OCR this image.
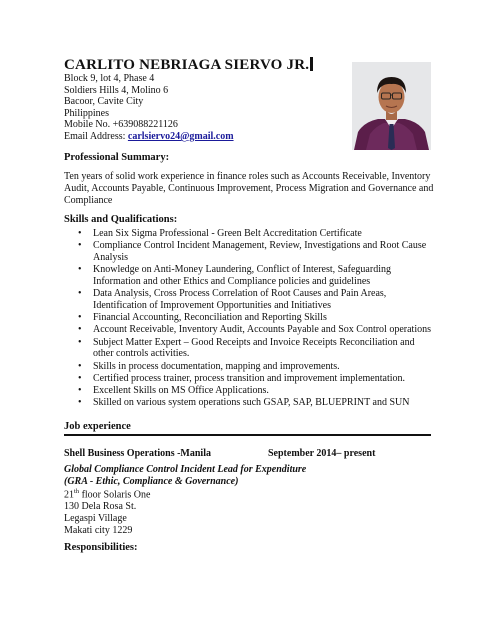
CARLITO NEBRIAGA SIERVO JR.
Block 9, lot 4, Phase 4
Soldiers Hills 4, Molino 6
Bacoor, Cavite City
Philippines
Mobile No. +639088221126
Email Address: carlsiervo24@gmail.com
Professional Summary:
Ten years of solid work experience in finance roles such as Accounts Receivable, Inventory Audit, Accounts Payable, Continuous Improvement, Process Migration and Governance and Compliance
Skills and Qualifications:
• Lean Six Sigma Professional - Green Belt Accreditation Certificate
• Compliance Control Incident Management, Review, Investigations and Root Cause Analysis
• Knowledge on Anti-Money Laundering, Conflict of Interest, Safeguarding Information and other Ethics and Compliance policies and guidelines
• Data Analysis, Cross Process Correlation of Root Causes and Pain Areas, Identification of Improvement Opportunities and Initiatives
• Financial Accounting, Reconciliation and Reporting Skills
• Account Receivable, Inventory Audit, Accounts Payable and Sox Control operations
• Subject Matter Expert – Good Receipts and Invoice Receipts Reconciliation and other controls activities.
• Skills in process documentation, mapping and improvements.
• Certified process trainer, process transition and improvement implementation.
• Excellent Skills on MS Office Applications.
• Skilled on various system operations such GSAP, SAP, BLUEPRINT and SUN
Job experience
Shell Business Operations -Manila	September 2014– present
Global Compliance Control Incident Lead for Expenditure
(GRA - Ethic, Compliance & Governance)
21th floor Solaris One
130 Dela Rosa St.
Legaspi Village
Makati city 1229
Responsibilities:
